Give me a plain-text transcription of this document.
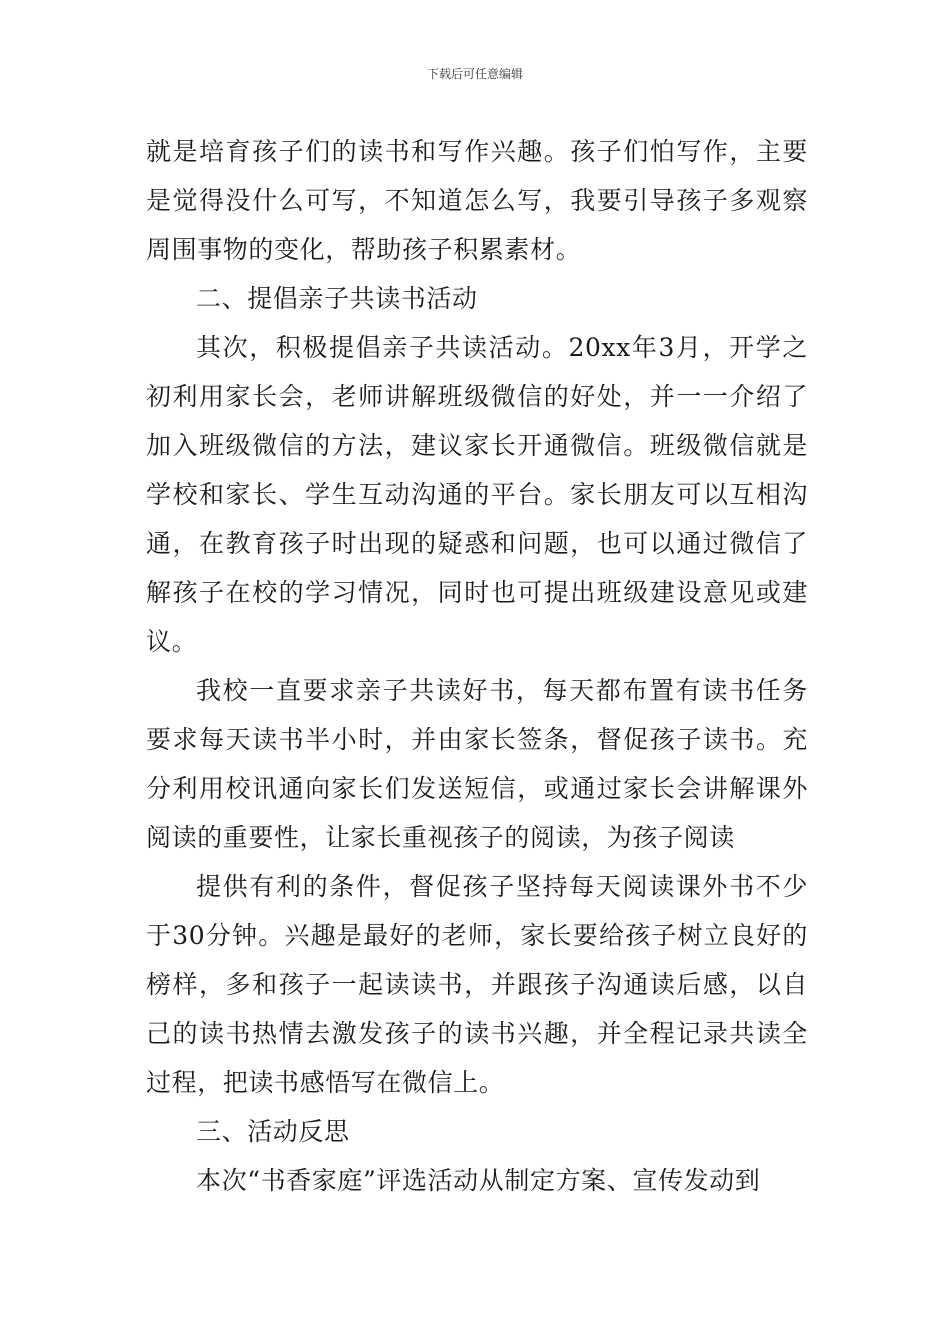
下载后可任意编辑

就是培育孩子们的读书和写作兴趣。孩子们怕写作，主要是觉得没什么可写，不知道怎么写，我要引导孩子多观察周围事物的变化，帮助孩子积累素材。

二、提倡亲子共读书活动

其次，积极提倡亲子共读活动。20xx年3月，开学之初利用家长会，老师讲解班级微信的好处，并一一介绍了加入班级微信的方法，建议家长开通微信。班级微信就是学校和家长、学生互动沟通的平台。家长朋友可以互相沟通，在教育孩子时出现的疑惑和问题，也可以通过微信了解孩子在校的学习情况，同时也可提出班级建设意见或建议。

我校一直要求亲子共读好书，每天都布置有读书任务要求每天读书半小时，并由家长签条，督促孩子读书。充分利用校讯通向家长们发送短信，或通过家长会讲解课外阅读的重要性，让家长重视孩子的阅读，为孩子阅读

提供有利的条件，督促孩子坚持每天阅读课外书不少于30分钟。兴趣是最好的老师，家长要给孩子树立良好的榜样，多和孩子一起读读书，并跟孩子沟通读后感，以自己的读书热情去激发孩子的读书兴趣，并全程记录共读全过程，把读书感悟写在微信上。

三、活动反思

本次“书香家庭”评选活动从制定方案、宣传发动到
